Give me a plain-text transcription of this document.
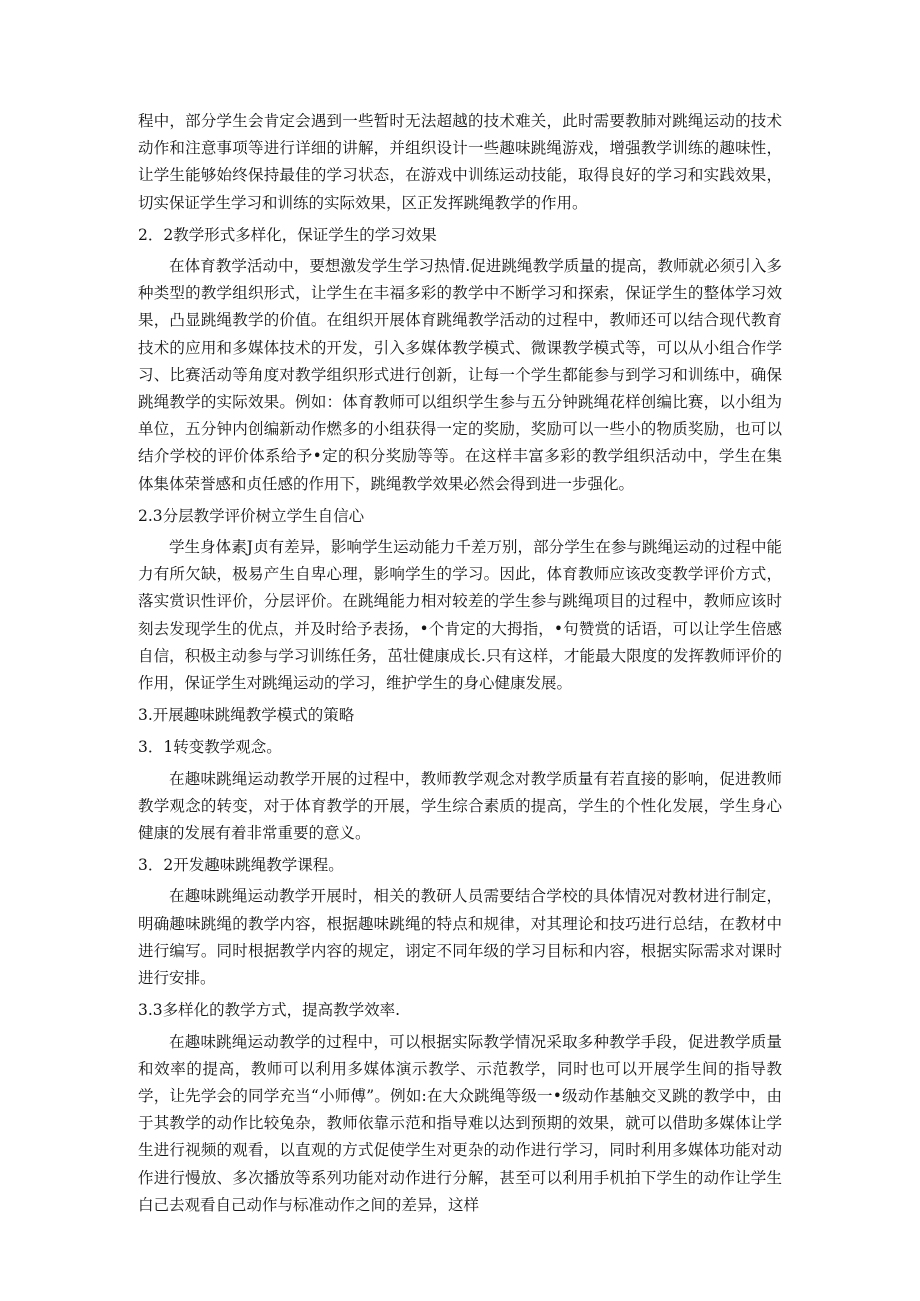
程中，部分学生会肯定会遇到一些暂时无法超越的技术难关，此时需要教肺对跳绳运动的技术动作和注意事项等进行详细的讲解，并组织设计一些趣味跳绳游戏，增强教学训练的趣味性，让学生能够始终保持最佳的学习状态，在游戏中训练运动技能，取得良好的学习和实践效果，切实保证学生学习和训练的实际效果，区正发挥跳绳教学的作用。

2．2教学形式多样化，保证学生的学习效果

在体育教学活动中，要想激发学生学习热情.促进跳绳教学质量的提高，教师就必须引入多种类型的教学组织形式，让学生在丰福多彩的教学中不断学习和探索，保证学生的整体学习效果，凸显跳绳教学的价值。在组织开展体育跳绳教学活动的过程中，教师还可以结合现代教育技术的应用和多媒体技术的开发，引入多媒体教学模式、微课教学模式等，可以从小组合作学习、比赛活动等角度对教学组织形式进行创新，让每一个学生都能参与到学习和训练中，确保跳绳教学的实际效果。例如：体育教师可以组织学生参与五分钟跳绳花样创编比赛，以小组为单位，五分钟内创编新动作燃多的小组获得一定的奖励，奖励可以一些小的物质奖励，也可以结介学校的评价体系给予•定的积分奖励等等。在这样丰富多彩的教学组织活动中，学生在集体集体荣誉感和贞任感的作用下，跳绳教学效果必然会得到进一步强化。

2.3分层教学评价树立学生自信心

学生身体素J贞有差异，影响学生运动能力千差万别，部分学生在参与跳绳运动的过程中能力有所欠缺，极易产生自卑心理，影响学生的学习。因此，体育教师应该改变教学评价方式，落实赏识性评价，分层评价。在跳绳能力相对较差的学生参与跳绳项目的过程中，教师应该时刻去发现学生的优点，并及时给予表扬，•个肯定的大拇指，•句赞赏的话语，可以让学生倍感自信，积极主动参与学习训练任务，茁壮健康成长.只有这样，才能最大限度的发挥教师评价的作用，保证学生对跳绳运动的学习，维护学生的身心健康发展。

3.开展趣味跳绳教学模式的策略

3．1转变教学观念。

在趣味跳绳运动教学开展的过程中，教师教学观念对教学质量有若直接的影响，促进教师教学观念的转变，对于体育教学的开展，学生综合素质的提高，学生的个性化发展，学生身心健康的发展有着非常重要的意义。

3．2开发趣味跳绳教学课程。

在趣味跳绳运动教学开展时，相关的教研人员需要结合学校的具体情况对教材进行制定，明确趣味跳绳的教学内容，根据趣味跳绳的特点和规律，对其理论和技巧进行总结，在教材中进行编写。同时根据教学内容的规定，诩定不同年级的学习目标和内容，根据实际需求对课时进行安排。

3.3多样化的教学方式，提高教学效率.

在趣味跳绳运动教学的过程中，可以根据实际教学情况采取多种教学手段，促进教学质量和效率的提高，教师可以利用多媒体演示教学、示范教学，同时也可以开展学生间的指导教学，让先学会的同学充当“小师傅”。例如:在大众跳绳等级一•级动作基触交叉跳的教学中，由于其教学的动作比较兔杂，教师依靠示范和指导难以达到预期的效果，就可以借助多媒体让学生进行视频的观看，以直观的方式促使学生对更杂的动作进行学习，同时利用多媒体功能对动作进行慢放、多次播放等系列功能对动作进行分解，甚至可以利用手机拍下学生的动作让学生白己去观看自己动作与标准动作之间的差异，这样
